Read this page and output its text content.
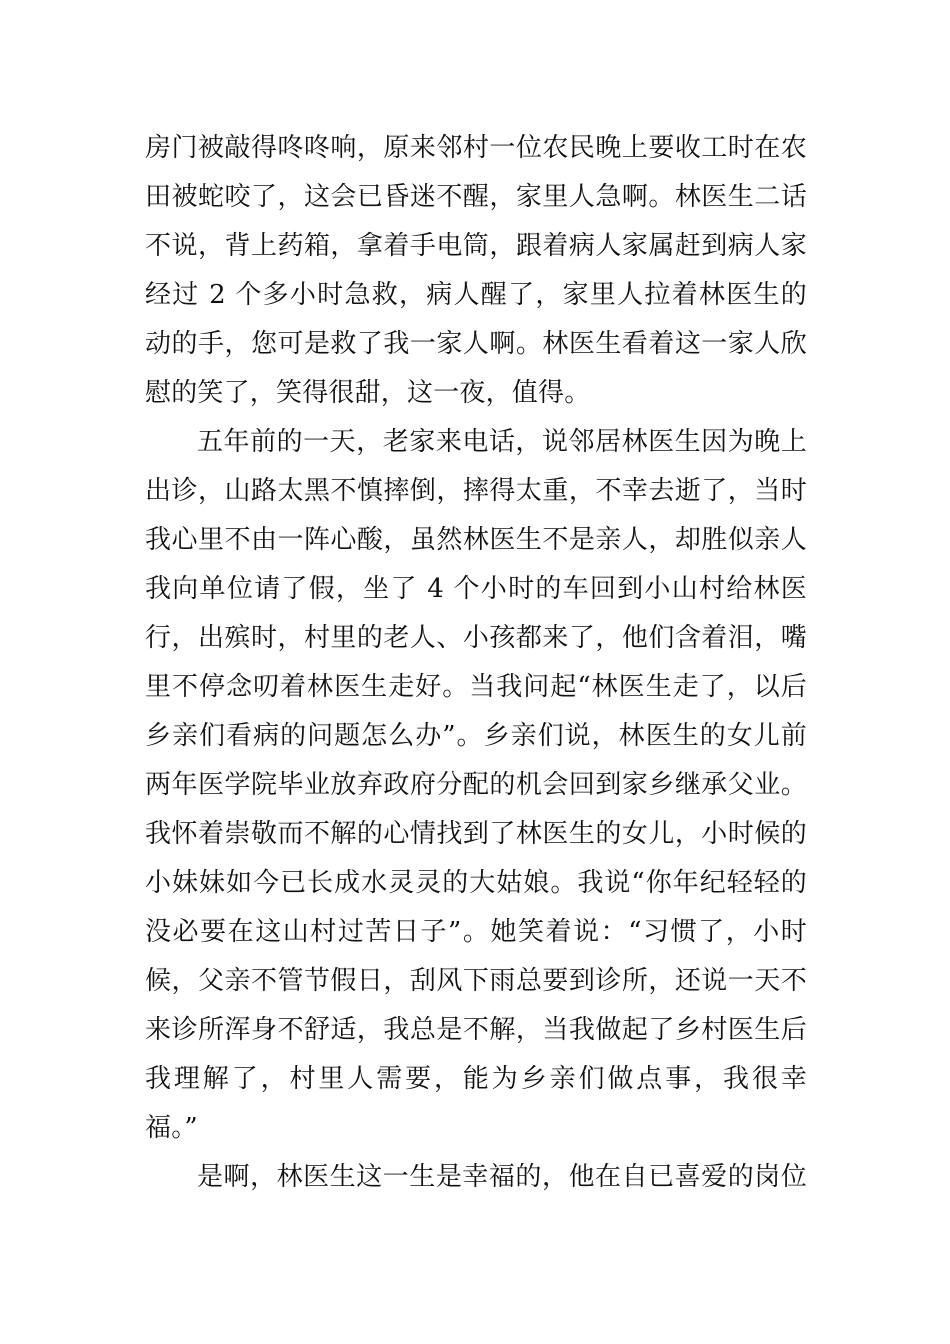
房门被敲得咚咚响，原来邻村一位农民晚上要收工时在农
田被蛇咬了，这会已昏迷不醒，家里人急啊。林医生二话
不说，背上药箱，拿着手电筒，跟着病人家属赶到病人家
经过 2 个多小时急救，病人醒了，家里人拉着林医生的
动的手，您可是救了我一家人啊。林医生看着这一家人欣
慰的笑了，笑得很甜，这一夜，值得。
五年前的一天，老家来电话，说邻居林医生因为晚上
出诊，山路太黑不慎摔倒，摔得太重，不幸去逝了，当时
我心里不由一阵心酸，虽然林医生不是亲人，却胜似亲人
我向单位请了假，坐了 4 个小时的车回到小山村给林医
行，出殡时，村里的老人、小孩都来了，他们含着泪，嘴
里不停念叨着林医生走好。当我问起“林医生走了，以后
乡亲们看病的问题怎么办”。乡亲们说，林医生的女儿前
两年医学院毕业放弃政府分配的机会回到家乡继承父业。
我怀着崇敬而不解的心情找到了林医生的女儿，小时候的
小妹妹如今已长成水灵灵的大姑娘。我说“你年纪轻轻的
没必要在这山村过苦日子”。她笑着说：“习惯了，小时
候，父亲不管节假日，刮风下雨总要到诊所，还说一天不
来诊所浑身不舒适，我总是不解，当我做起了乡村医生后
我理解了，村里人需要，能为乡亲们做点事，我很幸
福。”
是啊，林医生这一生是幸福的，他在自已喜爱的岗位
